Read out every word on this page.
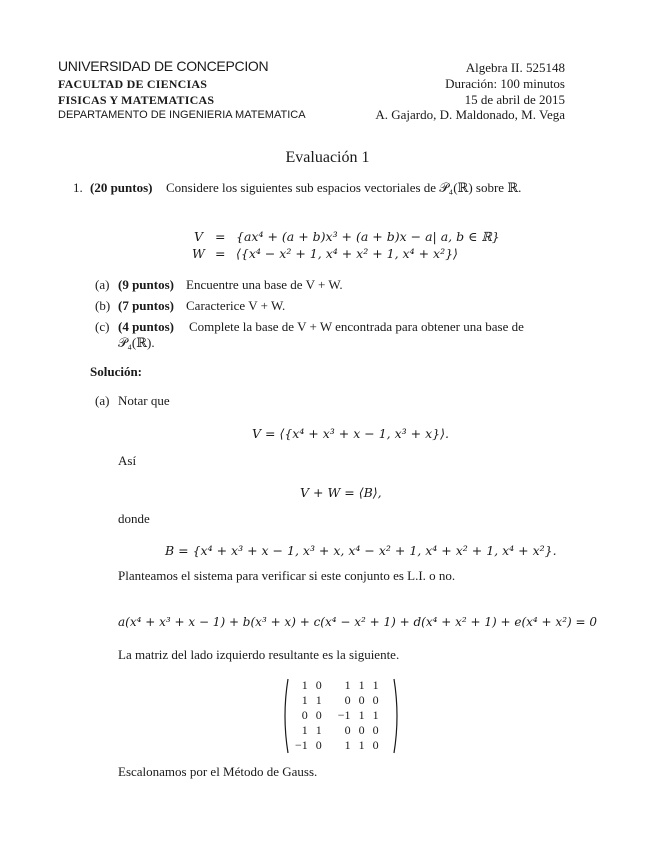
UNIVERSIDAD DE CONCEPCION
FACULTAD DE CIENCIAS
FISICAS Y MATEMATICAS
DEPARTAMENTO DE INGENIERIA MATEMATICA
Algebra II. 525148
Duración: 100 minutos
15 de abril de 2015
A. Gajardo, D. Maldonado, M. Vega
Evaluación 1
1. (20 puntos) Considere los siguientes sub espacios vectoriales de 𝒫₄(ℝ) sobre ℝ.
V = {ax⁴ + (a + b)x³ + (a + b)x − a| a, b ∈ ℝ}
W = ⟨{x⁴ − x² + 1, x⁴ + x² + 1, x⁴ + x²}⟩
(a) (9 puntos) Encuentre una base de V + W.
(b) (7 puntos) Caracterice V + W.
(c) (4 puntos) Complete la base de V + W encontrada para obtener una base de
𝒫₄(ℝ).
Solución:
(a) Notar que
V = ⟨{x⁴ + x³ + x − 1, x³ + x}⟩.
Así
V + W = ⟨B⟩,
donde
B = {x⁴ + x³ + x − 1, x³ + x, x⁴ − x² + 1, x⁴ + x² + 1, x⁴ + x²}.
Planteamos el sistema para verificar si este conjunto es L.I. o no.
a(x⁴ + x³ + x − 1) + b(x³ + x) + c(x⁴ − x² + 1) + d(x⁴ + x² + 1) + e(x⁴ + x²) = 0
La matriz del lado izquierdo resultante es la siguiente.
1	0	1	1	1
1	1	0	0	0
0	0	−1	1	1
1	1	0	0	0
−1	0	1	1	0
Escalonamos por el Método de Gauss.
